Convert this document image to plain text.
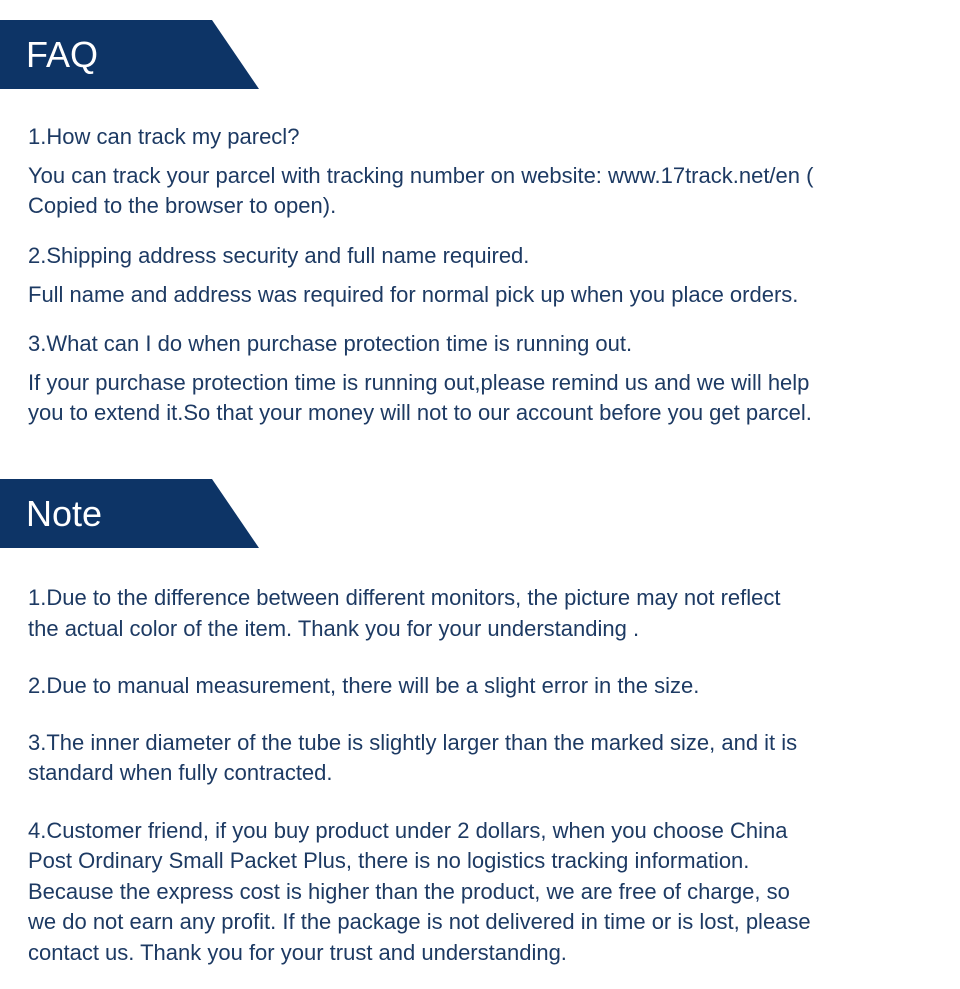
FAQ

1.How can track my parecl?

You can track your parcel with tracking number on website: www.17track.net/en (

Copied to the browser to open).

2.Shipping address security and full name required.

Full name and address was required for normal pick up when you place orders.

3.What can I do when purchase protection time is running out.

If your purchase protection time is running out,please remind us and we will help

you to extend it.So that your money will not to our account before you get parcel.

Note

1.Due to the difference between different monitors, the picture may not reflect

the actual color of the item. Thank you for your understanding .

2.Due to manual measurement, there will be a slight error in the size.

3.The inner diameter of the tube is slightly larger than the marked size, and it is

standard when fully contracted.

4.Customer friend, if you buy product under 2 dollars, when you choose China

Post Ordinary Small Packet Plus, there is no logistics tracking information.

Because the express cost is higher than the product, we are free of charge, so

we do not earn any profit. If the package is not delivered in time or is lost, please

contact us. Thank you for your trust and understanding.
